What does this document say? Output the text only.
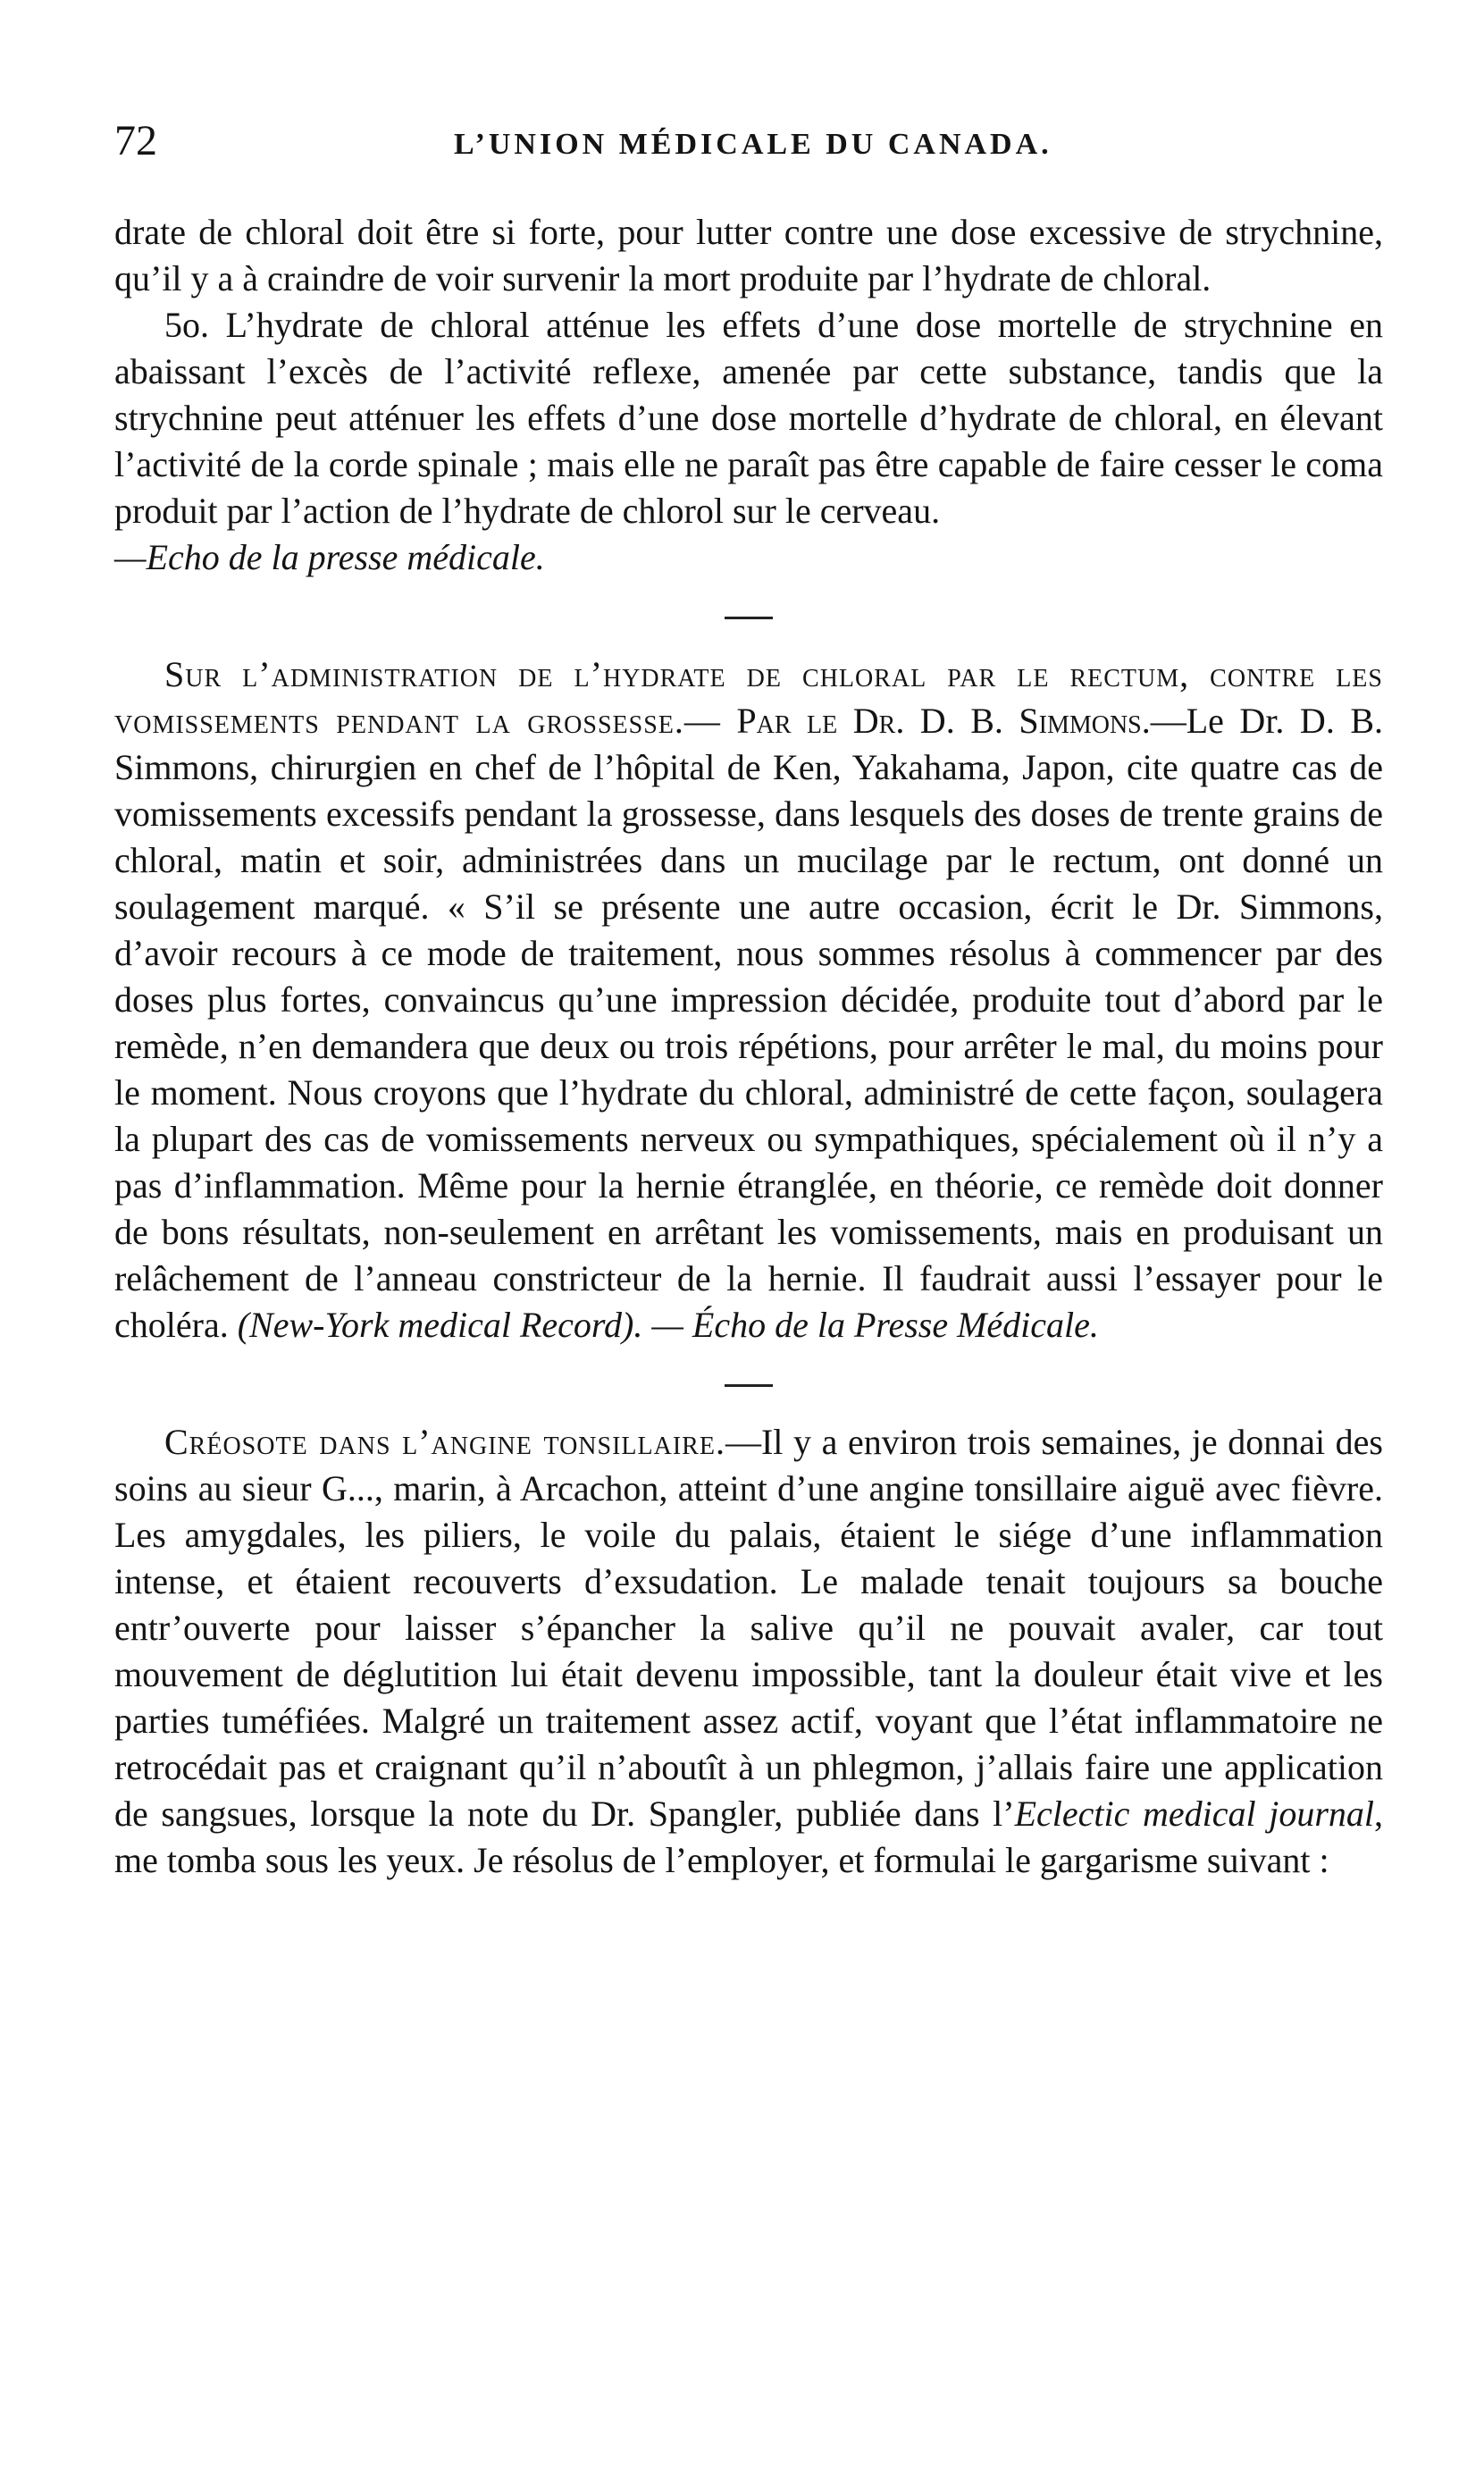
72	L’UNION MÉDICALE DU CANADA.

drate de chloral doit être si forte, pour lutter contre une dose excessive de strychnine, qu’il y a à craindre de voir survenir la mort produite par l’hydrate de chloral.

5o. L’hydrate de chloral atténue les effets d’une dose mortelle de strychnine en abaissant l’excès de l’activité reflexe, amenée par cette substance, tandis que la strychnine peut atténuer les effets d’une dose mortelle d’hydrate de chloral, en élevant l’activité de la corde spinale ; mais elle ne paraît pas être capable de faire cesser le coma produit par l’action de l’hydrate de chlorol sur le cerveau.

—Echo de la presse médicale.

Sur l’administration de l’hydrate de chloral par le rectum, contre les vomissements pendant la grossesse.— Par le Dr. D. B. Simmons.—Le Dr. D. B. Simmons, chirurgien en chef de l’hôpital de Ken, Yakahama, Japon, cite quatre cas de vomissements excessifs pendant la grossesse, dans lesquels des doses de trente grains de chloral, matin et soir, administrées dans un mucilage par le rectum, ont donné un soulagement marqué. « S’il se présente une autre occasion, écrit le Dr. Simmons, d’avoir recours à ce mode de traitement, nous sommes résolus à commencer par des doses plus fortes, convaincus qu’une impression décidée, produite tout d’abord par le remède, n’en demandera que deux ou trois répétions, pour arrêter le mal, du moins pour le moment. Nous croyons que l’hydrate du chloral, administré de cette façon, soulagera la plupart des cas de vomissements nerveux ou sympathiques, spécialement où il n’y a pas d’inflammation. Même pour la hernie étranglée, en théorie, ce remède doit donner de bons résultats, non-seulement en arrêtant les vomissements, mais en produisant un relâchement de l’anneau constricteur de la hernie. Il faudrait aussi l’essayer pour le choléra. (New-York medical Record). — Écho de la Presse Médicale.

Créosote dans l’angine tonsillaire.—Il y a environ trois semaines, je donnai des soins au sieur G..., marin, à Arcachon, atteint d’une angine tonsillaire aiguë avec fièvre. Les amygdales, les piliers, le voile du palais, étaient le siége d’une inflammation intense, et étaient recouverts d’exsudation. Le malade tenait toujours sa bouche entr’ouverte pour laisser s’épancher la salive qu’il ne pouvait avaler, car tout mouvement de déglutition lui était devenu impossible, tant la douleur était vive et les parties tuméfiées. Malgré un traitement assez actif, voyant que l’état inflammatoire ne retrocédait pas et craignant qu’il n’aboutît à un phlegmon, j’allais faire une application de sangsues, lorsque la note du Dr. Spangler, publiée dans l’Eclectic medical journal, me tomba sous les yeux. Je résolus de l’employer, et formulai le gargarisme suivant :
